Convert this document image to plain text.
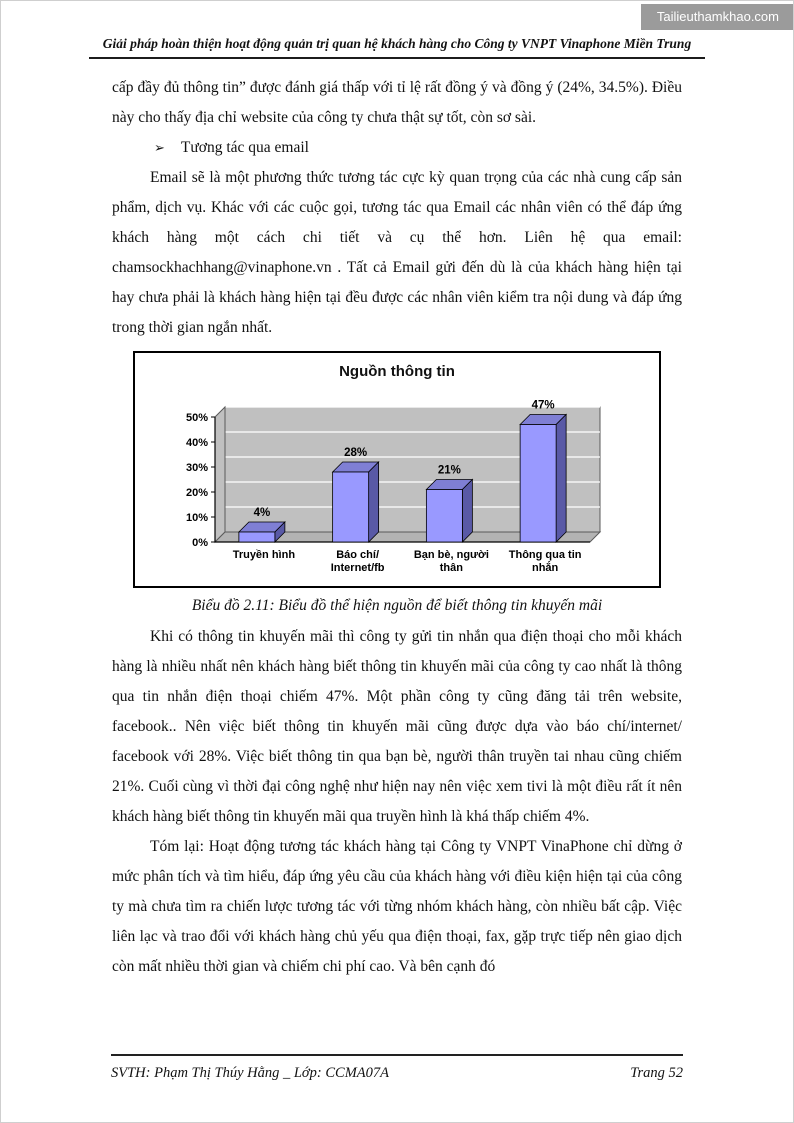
Tailieuthamkhao.com
Giải pháp hoàn thiện hoạt động quản trị quan hệ khách hàng cho Công ty VNPT Vinaphone Miền Trung

cấp đầy đủ thông tin” được đánh giá thấp với tỉ lệ rất đồng ý và đồng ý (24%, 34.5%). Điều này cho thấy địa chỉ website của công ty chưa thật sự tốt, còn sơ sài.

➢ Tương tác qua email

Email sẽ là một phương thức tương tác cực kỳ quan trọng của các nhà cung cấp sản phẩm, dịch vụ. Khác với các cuộc gọi, tương tác qua Email các nhân viên có thể đáp ứng khách hàng một cách chi tiết và cụ thể hơn. Liên hệ qua email: chamsockhachhang@vinaphone.vn . Tất cả Email gửi đến dù là của khách hàng hiện tại hay chưa phải là khách hàng hiện tại đều được các nhân viên kiểm tra nội dung và đáp ứng trong thời gian ngắn nhất.

Nguồn thông tin
0%
10%
20%
30%
40%
50%
4%
Truyền hình
28%
Báo chí/
Internet/fb
21%
Bạn bè, người
thân
47%
Thông qua tin
nhắn

Biểu đồ 2.11: Biểu đồ thể hiện nguồn để biết thông tin khuyến mãi

Khi có thông tin khuyến mãi thì công ty gửi tin nhắn qua điện thoại cho mỗi khách hàng là nhiều nhất nên khách hàng biết thông tin khuyến mãi của công ty cao nhất là thông qua tin nhắn điện thoại chiếm 47%. Một phần công ty cũng đăng tải trên website, facebook.. Nên việc biết thông tin khuyến mãi cũng được dựa vào báo chí/internet/ facebook với 28%. Việc biết thông tin qua bạn bè, người thân truyền tai nhau cũng chiếm 21%. Cuối cùng vì thời đại công nghệ như hiện nay nên việc xem tivi là một điều rất ít nên khách hàng biết thông tin khuyến mãi qua truyền hình là khá thấp chiếm 4%.

Tóm lại: Hoạt động tương tác khách hàng tại Công ty VNPT VinaPhone chỉ dừng ở mức phân tích và tìm hiểu, đáp ứng yêu cầu của khách hàng với điều kiện hiện tại của công ty mà chưa tìm ra chiến lược tương tác với từng nhóm khách hàng, còn nhiều bất cập. Việc liên lạc và trao đổi với khách hàng chủ yếu qua điện thoại, fax, gặp trực tiếp nên giao dịch còn mất nhiều thời gian và chiếm chi phí cao. Và bên cạnh đó

SVTH: Phạm Thị Thúy Hằng _ Lớp: CCMA07A	Trang 52
